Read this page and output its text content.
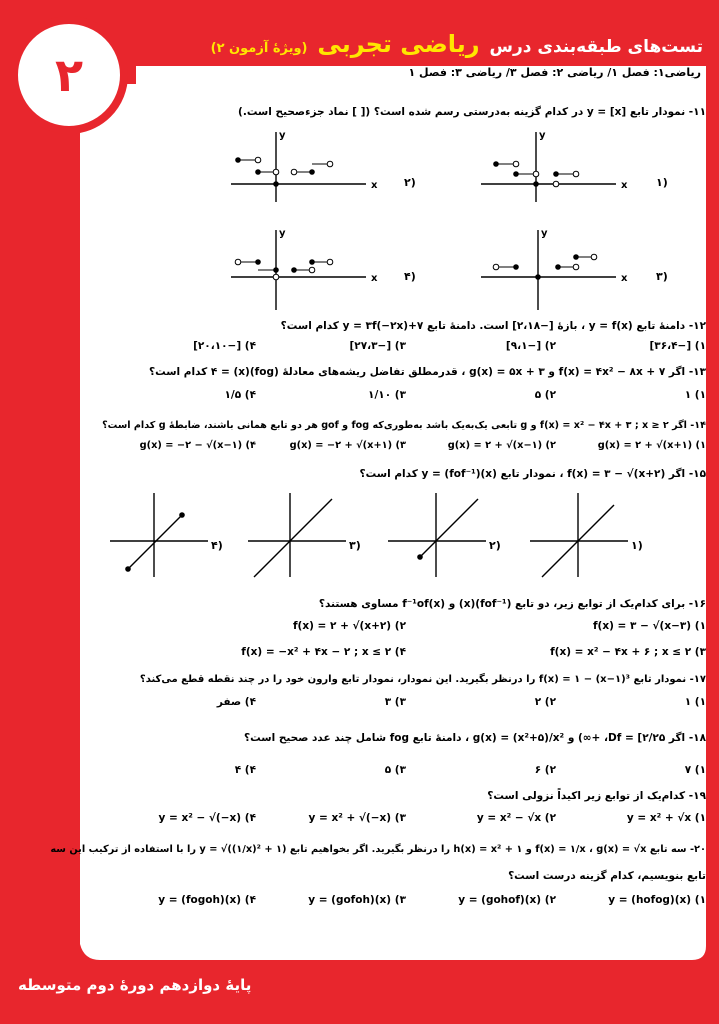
۲
تست‌های طبقه‌بندی درس ریاضی تجربی (ویژهٔ آزمون ۲)
ریاضی۱: فصل ۱/ ریاضی ۲: فصل ۳/ ریاضی ۳: فصل ۱
۱۱- نمودار تابع y = [x] در کدام گزینه به‌درستی رسم شده است؟ ([ ] نماد جزء‌صحیح است.)
x
y
۱)
x
y
۲)
x
y
۳)
x
y
۴)
۱۲- دامنهٔ تابع y = f(x) ، بازهٔ [−۲،۱۸] است. دامنهٔ تابع y = ۳f(−۲x)+۷ کدام است؟
۱) [−۳۶،۴]
۲) [−۹،۱]
۳) [−۲۷،۳]
۴) [−۲۰،۱۰]
۱۳- اگر f(x) = ۴x² − ۸x + ۷ و g(x) = ۵x + ۳ ، قدرمطلق تفاضل ریشه‌های معادلهٔ (fog)(x) = ۴ کدام است؟
۱) ۱
۲) ۵
۳) ۱/۱۰
۴) ۱/۵
۱۴- اگر f(x) = x² − ۴x + ۳ ; x ≥ ۲ و g تابعی یک‌به‌یک باشد به‌طوری‌که fog و gof هر دو تابع همانی باشند، ضابطهٔ g کدام است؟
۱) g(x) = ۲ + √(x+۱)
۲) g(x) = ۲ + √(x−۱)
۳) g(x) = −۲ + √(x+۱)
۴) g(x) = −۲ − √(x−۱)
۱۵- اگر f(x) = ۳ − √(x+۲) ، نمودار تابع y = (fof⁻¹)(x) کدام است؟
۱)
۲)
۳)
۴)
۱۶- برای کدام‌یک از توابع زیر، دو تابع (fof⁻¹)(x) و f⁻¹of(x) مساوی هستند؟
۱) f(x) = ۳ − √(x−۳)
۲) f(x) = ۲ + √(x+۲)
۳) f(x) = x² − ۴x + ۶ ; x ≤ ۲
۴) f(x) = −x² + ۴x − ۲ ; x ≤ ۲
۱۷- نمودار تابع f(x) = ۱ − (x−۱)³ را درنظر بگیرید. این نمودار، نمودار تابع وارون خود را در چند نقطه قطع می‌کند؟
۱) ۱
۲) ۲
۳) ۳
۴) صفر
۱۸- اگر Df = [۲/۲۵، +∞) و g(x) = (x²+۵)/x² ، دامنهٔ تابع fog شامل چند عدد صحیح است؟
۱) ۷
۲) ۶
۳) ۵
۴) ۴
۱۹- کدام‌یک از توابع زیر اکیداً نزولی است؟
۱) y = x² + √x
۲) y = x² − √x
۳) y = x² + √(−x)
۴) y = x² − √(−x)
۲۰- سه تابع f(x) = ۱/x ، g(x) = √x و h(x) = x² + ۱ را درنظر بگیرید. اگر بخواهیم تابع y = √((۱/x)² + ۱) را با استفاده از ترکیب این سه
تابع بنویسیم، کدام گزینه درست است؟
۱) y = (hofog)(x)
۲) y = (gohof)(x)
۳) y = (gofoh)(x)
۴) y = (fogoh)(x)
پایهٔ دوازدهم دورهٔ دوم متوسطه
